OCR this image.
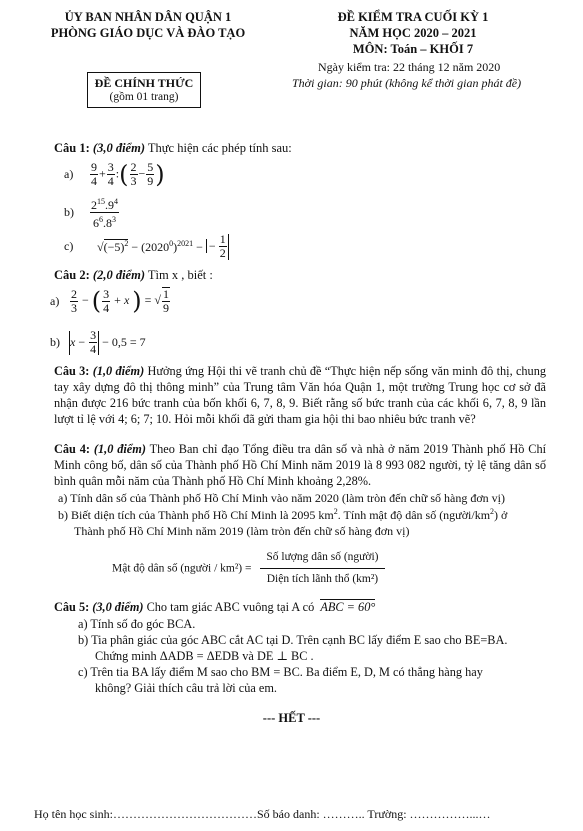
ỦY BAN NHÂN DÂN QUẬN 1
PHÒNG GIÁO DỤC VÀ ĐÀO TẠO
ĐỀ CHÍNH THỨC
(gồm 01 trang)
ĐỀ KIỂM TRA CUỐI KỲ 1
NĂM HỌC 2020 – 2021
MÔN: Toán – KHỐI 7
Ngày kiểm tra: 22 tháng 12 năm 2020
Thời gian: 90 phút (không kể thời gian phát đề)
Câu 1: (3,0 điểm) Thực hiện các phép tính sau:
$a) \frac{9}{4} + \frac{3}{4}$ :( $\frac{2}{3} - \frac{5}{9}$ )
$b) \frac{2^{15}.9^4}{6^6.8^3}$
c) $√(-5)^2 - (2020^0)^{2021}$ − − $\frac{1}{2}$
Câu 2: (2,0 điểm) Tìm x , biết :
$a) \frac{2}{3}$ − ( $\frac{3}{4} + x$ ) = √ $\frac{1}{9}$
b) $x - \frac{3}{4} - 0,5 = 7$
Câu 3: (1,0 điểm) Hưởng ứng Hội thi vẽ tranh chủ đề “Thực hiện nếp sống văn minh đô thị, chung tay xây dựng đô thị thông minh” của Trung tâm Văn hóa Quận 1, một trường Trung học cơ sở đã nhận được 216 bức tranh của bốn khối 6, 7, 8, 9. Biết rằng số bức tranh của các khối 6, 7, 8, 9 lần lượt tỉ lệ với 4; 6; 7; 10. Hỏi mỗi khối đã gửi tham gia hội thi bao nhiêu bức tranh vẽ?
Câu 4: (1,0 điểm) Theo Ban chỉ đạo Tổng điều tra dân số và nhà ở năm 2019 Thành phố Hồ Chí Minh công bố, dân số của Thành phố Hồ Chí Minh năm 2019 là 8 993 082 người, tỷ lệ tăng dân số bình quân mỗi năm của Thành phố Hồ Chí Minh khoảng 2,28%.
a) Tính dân số của Thành phố Hồ Chí Minh vào năm 2020 (làm tròn đến chữ số hàng đơn vị)
b) Biết diện tích của Thành phố Hồ Chí Minh là 2095 $km^2$. Tính mật độ dân số $(người/km^2)$ ở
Thành phố Hồ Chí Minh năm 2019 (làm tròn đến chữ số hàng đơn vị)
Mật độ dân số (người / $km^2) = \frac{\text{Số lượng dân số (người)}}{\text{Diện tích lãnh thổ (km²)}}$
Câu 5: (3,0 điểm) Cho tam giác ABC vuông tại A có ABC = 60°
a) Tính số đo góc BCA.
b) Tia phân giác của góc ABC cắt AC tại D. Trên cạnh BC lấy điểm E sao cho BE=BA.
Chứng minh ΔADB = ΔEDB và DE ⊥ BC .
c) Trên tia BA lấy điểm M sao cho BM = BC. Ba điểm E, D, M có thẳng hàng hay
không? Giải thích câu trả lời của em.
--- HẾT ---
Họ tên học sinh:………………………………Số báo danh: ……….. Trường: ……………...…
